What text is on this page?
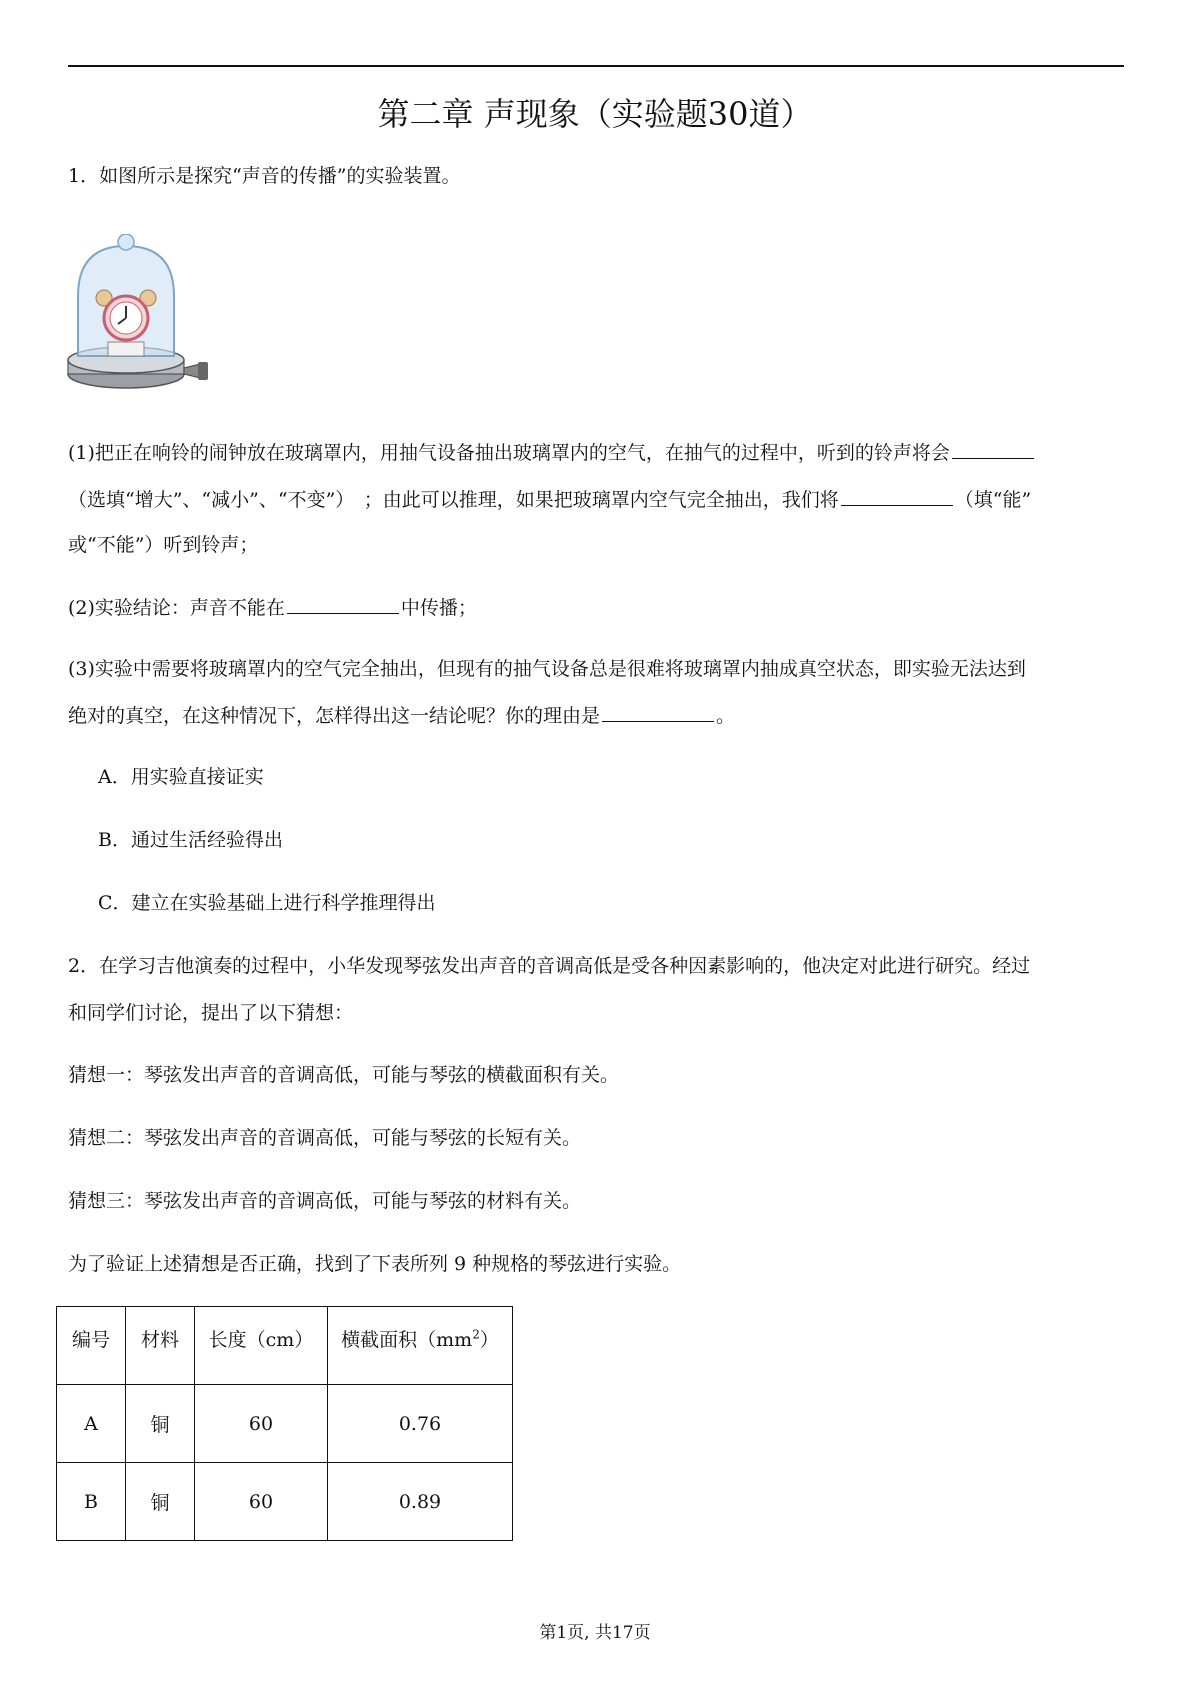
第二章 声现象（实验题30道）
1．如图所示是探究“声音的传播”的实验装置。
(1)把正在响铃的闹钟放在玻璃罩内，用抽气设备抽出玻璃罩内的空气，在抽气的过程中，听到的铃声将会
（选填“增大”、“减小”、“不变”）　；由此可以推理，如果把玻璃罩内空气完全抽出，我们将	（填“能”
或“不能”）听到铃声；
(2)实验结论：声音不能在	中传播；
(3)实验中需要将玻璃罩内的空气完全抽出，但现有的抽气设备总是很难将玻璃罩内抽成真空状态，即实验无法达到
绝对的真空，在这种情况下，怎样得出这一结论呢？你的理由是	。
A．用实验直接证实
B．通过生活经验得出
C．建立在实验基础上进行科学推理得出
2．在学习吉他演奏的过程中，小华发现琴弦发出声音的音调高低是受各种因素影响的，他决定对此进行研究。经过
和同学们讨论，提出了以下猜想：
猜想一：琴弦发出声音的音调高低，可能与琴弦的横截面积有关。
猜想二：琴弦发出声音的音调高低，可能与琴弦的长短有关。
猜想三：琴弦发出声音的音调高低，可能与琴弦的材料有关。
为了验证上述猜想是否正确，找到了下表所列 9 种规格的琴弦进行实验。
编号	材料	长度（cm）	横截面积$(mm^2)$
A	铜	60	0.76
B	铜	60	0.89
第1页, 共17页
